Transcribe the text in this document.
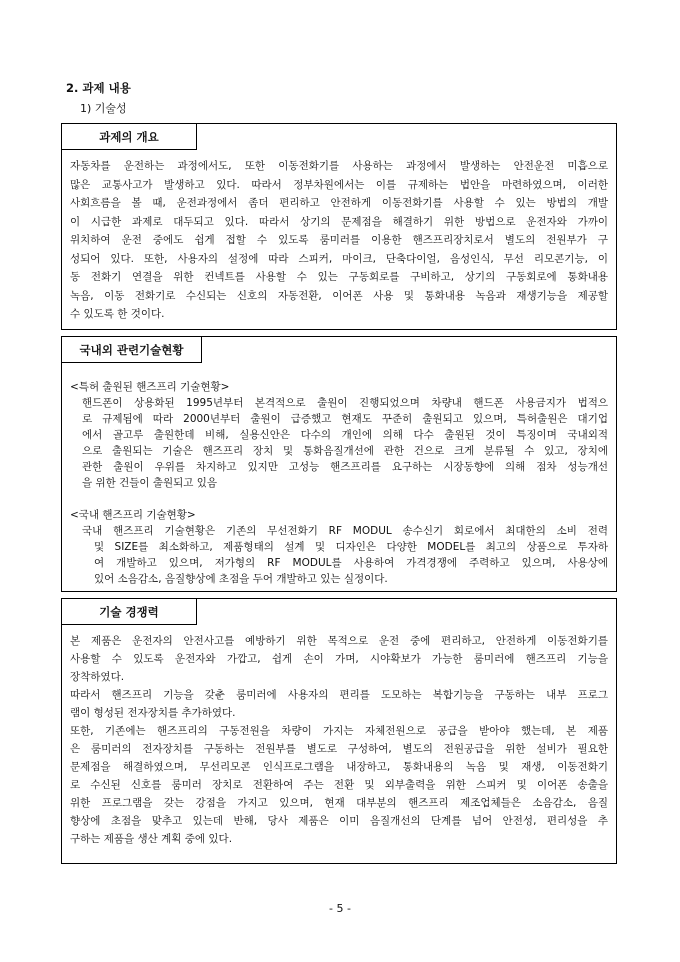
2. 과제 내용
1) 기술성
과제의 개요
자동차를 운전하는 과정에서도, 또한 이동전화기를 사용하는 과정에서 발생하는 안전운전 미흡으로
많은 교통사고가 발생하고 있다. 따라서 정부차원에서는 이를 규제하는 법안을 마련하였으며, 이러한
사회흐름을 볼 때, 운전과정에서 좀더 편리하고 안전하게 이동전화기를 사용할 수 있는 방법의 개발
이 시급한 과제로 대두되고 있다. 따라서 상기의 문제점을 해결하기 위한 방법으로 운전자와 가까이
위치하여 운전 중에도 쉽게 접할 수 있도록 룸미러를 이용한 핸즈프리장치로서 별도의 전원부가 구
성되어 있다. 또한, 사용자의 설정에 따라 스피커, 마이크, 단축다이얼, 음성인식, 무선 리모콘기능, 이
동 전화기 연결을 위한 컨넥트를 사용할 수 있는 구동회로를 구비하고, 상기의 구동회로에 통화내용
녹음, 이동 전화기로 수신되는 신호의 자동전환, 이어폰 사용 및 통화내용 녹음과 재생기능을 제공할
수 있도록 한 것이다.
국내외 관련기술현황
<특허 출원된 핸즈프리 기술현황>
핸드폰이 상용화된 1995년부터 본격적으로 출원이 진행되었으며 차량내 핸드폰 사용금지가 법적으
로 규제됨에 따라 2000년부터 출원이 급증했고 현재도 꾸준히 출원되고 있으며, 특허출원은 대기업
에서 골고루 출원한데 비해, 실용신안은 다수의 개인에 의해 다수 출원된 것이 특징이며 국내외적
으로 출원되는 기술은 핸즈프리 장치 및 통화음질개선에 관한 건으로 크게 분류될 수 있고, 장치에
관한 출원이 우위를 차지하고 있지만 고성능 핸즈프리를 요구하는 시장동향에 의해 점차 성능개선
을 위한 건들이 출원되고 있음
<국내 핸즈프리 기술현황>
국내 핸즈프리 기술현황은 기존의 무선전화기 RF MODUL 송수신기 회로에서 최대한의 소비 전력
및 SIZE를 최소화하고, 제품형태의 설계 및 디자인은 다양한 MODEL를 최고의 상품으로 투자하
여 개발하고 있으며, 저가형의 RF MODUL를 사용하여 가격경쟁에 주력하고 있으며, 사용상에
있어 소음감소, 음질향상에 초점을 두어 개발하고 있는 실정이다.
기술 경쟁력
본 제품은 운전자의 안전사고를 예방하기 위한 목적으로 운전 중에 편리하고, 안전하게 이동전화기를
사용할 수 있도록 운전자와 가깝고, 쉽게 손이 가며, 시야확보가 가능한 룸미러에 핸즈프리 기능을
장착하였다.
따라서 핸즈프리 기능을 갖춘 룸미러에 사용자의 편리를 도모하는 복합기능을 구동하는 내부 프로그
램이 형성된 전자장치를 추가하였다.
또한, 기존에는 핸즈프리의 구동전원을 차량이 가지는 자체전원으로 공급을 받아야 했는데, 본 제품
은 룸미러의 전자장치를 구동하는 전원부를 별도로 구성하여, 별도의 전원공급을 위한 설비가 필요한
문제점을 해결하였으며, 무선리모콘 인식프로그램을 내장하고, 통화내용의 녹음 및 재생, 이동전화기
로 수신된 신호를 룸미러 장치로 전환하여 주는 전환 및 외부출력을 위한 스피커 및 이어폰 송출을
위한 프로그램을 갖는 강점을 가지고 있으며, 현재 대부분의 핸즈프리 제조업체들은 소음감소, 음질
향상에 초점을 맞추고 있는데 반해, 당사 제품은 이미 음질개선의 단계를 넘어 안전성, 편리성을 추
구하는 제품을 생산 계획 중에 있다.
- 5 -
